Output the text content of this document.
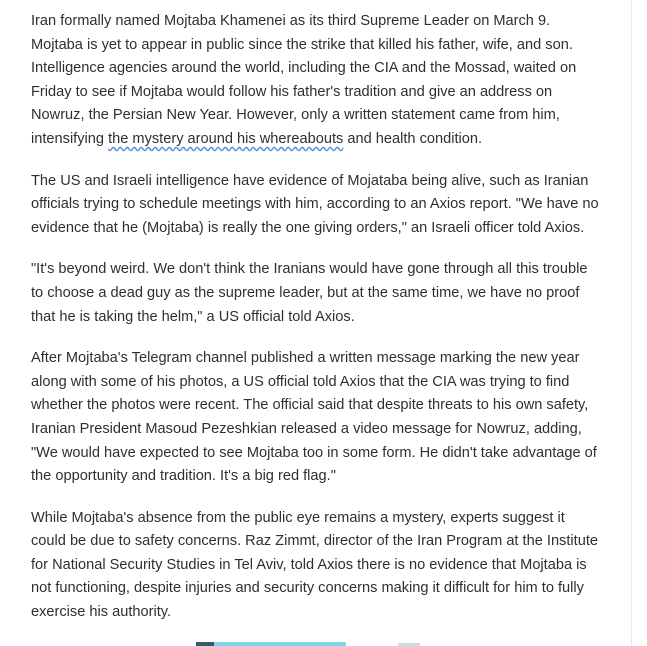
Iran formally named Mojtaba Khamenei as its third Supreme Leader on March 9. Mojtaba is yet to appear in public since the strike that killed his father, wife, and son. Intelligence agencies around the world, including the CIA and the Mossad, waited on Friday to see if Mojtaba would follow his father's tradition and give an address on Nowruz, the Persian New Year. However, only a written statement came from him, intensifying the mystery around his whereabouts and health condition.

The US and Israeli intelligence have evidence of Mojataba being alive, such as Iranian officials trying to schedule meetings with him, according to an Axios report. "We have no evidence that he (Mojtaba) is really the one giving orders," an Israeli officer told Axios.

"It's beyond weird. We don't think the Iranians would have gone through all this trouble to choose a dead guy as the supreme leader, but at the same time, we have no proof that he is taking the helm," a US official told Axios.

After Mojtaba's Telegram channel published a written message marking the new year along with some of his photos, a US official told Axios that the CIA was trying to find whether the photos were recent. The official said that despite threats to his own safety, Iranian President Masoud Pezeshkian released a video message for Nowruz, adding, "We would have expected to see Mojtaba too in some form. He didn't take advantage of the opportunity and tradition. It's a big red flag."

While Mojtaba's absence from the public eye remains a mystery, experts suggest it could be due to safety concerns. Raz Zimmt, director of the Iran Program at the Institute for National Security Studies in Tel Aviv, told Axios there is no evidence that Mojtaba is not functioning, despite injuries and security concerns making it difficult for him to fully exercise his authority.
